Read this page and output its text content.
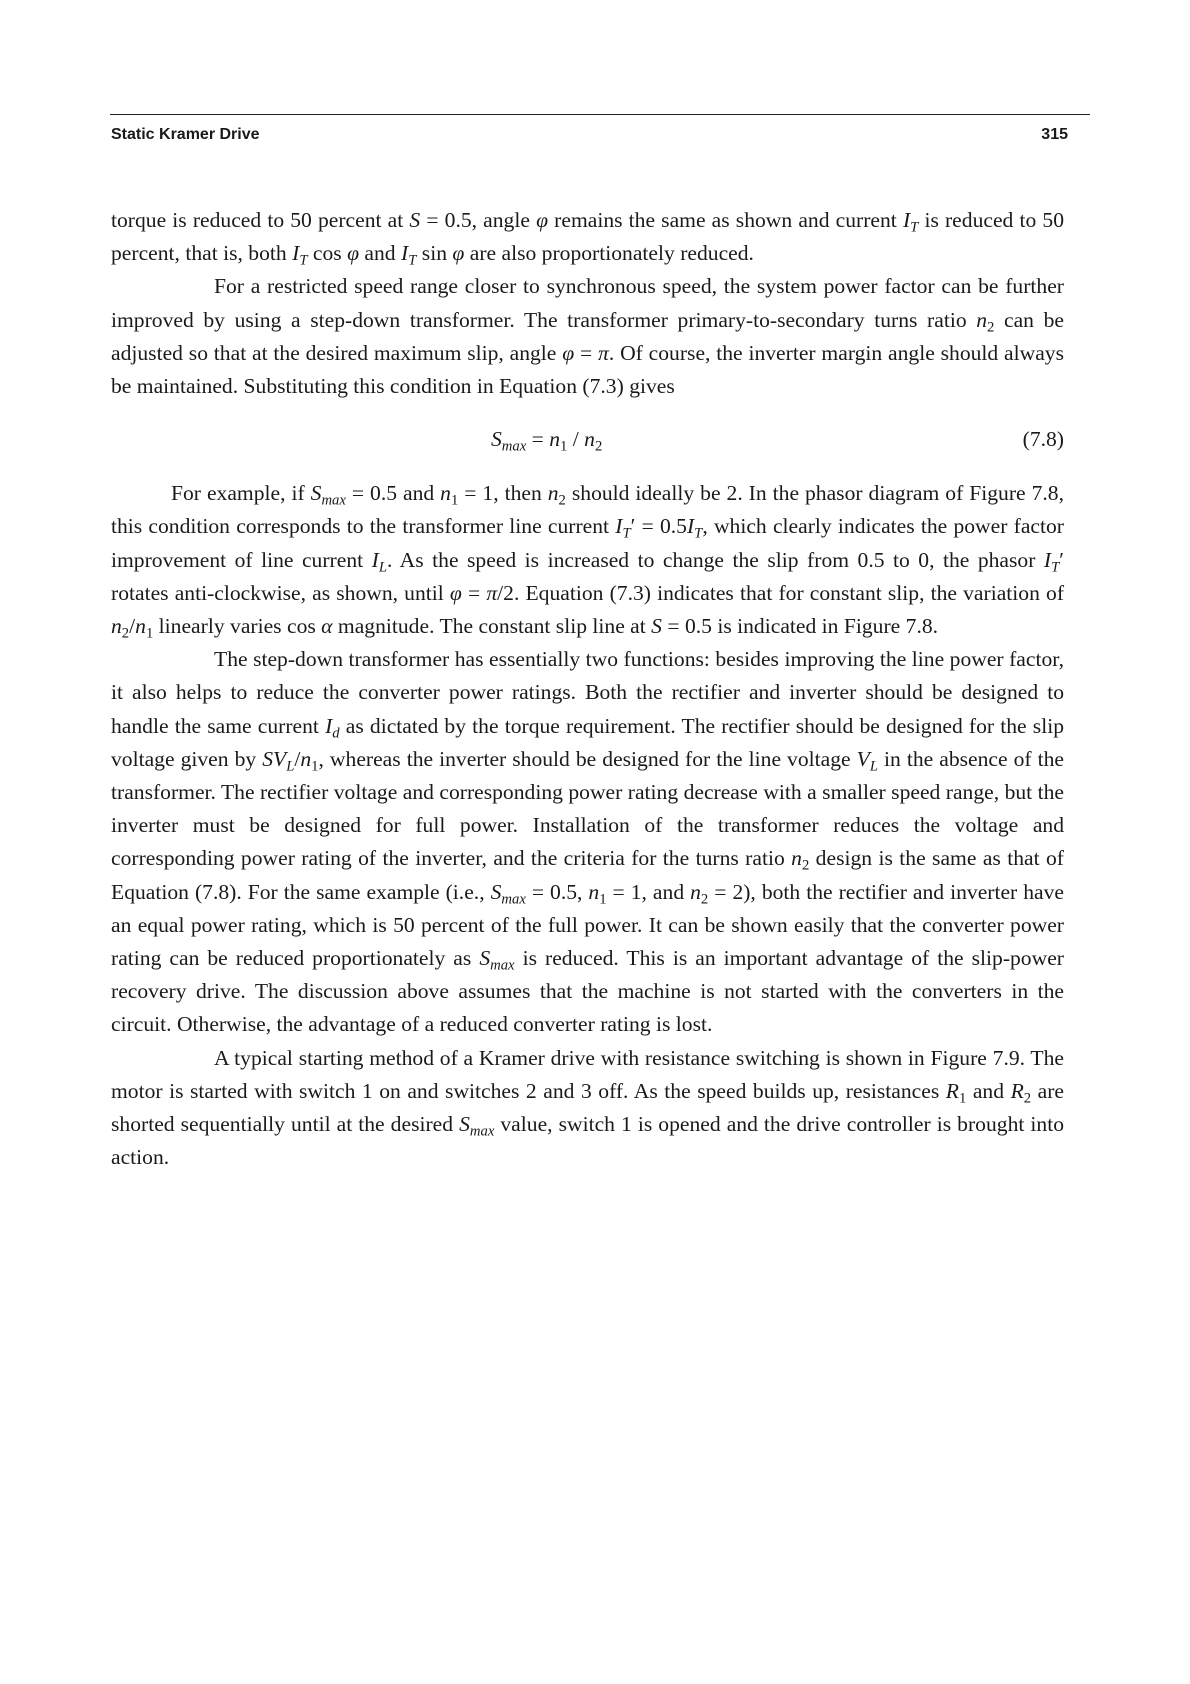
Static Kramer Drive	315

torque is reduced to 50 percent at S = 0.5, angle φ remains the same as shown and current $I_T$ is reduced to 50 percent, that is, both $I_T$ cos φ and $I_T$ sin φ are also proportionately reduced.

For a restricted speed range closer to synchronous speed, the system power factor can be further improved by using a step-down transformer. The transformer primary-to-secondary turns ratio $n_2$ can be adjusted so that at the desired maximum slip, angle φ = π. Of course, the inverter margin angle should always be maintained. Substituting this condition in Equation (7.3) gives

$S_{max} = n_1 / n_2$	(7.8)

For example, if $S_{max} = 0.5$ and $n_1 = 1$, then $n_2$ should ideally be 2. In the phasor diagram of Figure 7.8, this condition corresponds to the transformer line current $I_T' = 0.5I_T$, which clearly indicates the power factor improvement of line current $I_L$. As the speed is increased to change the slip from 0.5 to 0, the phasor $I_T'$ rotates anti-clockwise, as shown, until φ = π/2. Equation (7.3) indicates that for constant slip, the variation of $n_2/n_1$ linearly varies cos α magnitude. The constant slip line at S = 0.5 is indicated in Figure 7.8.

The step-down transformer has essentially two functions: besides improving the line power factor, it also helps to reduce the converter power ratings. Both the rectifier and inverter should be designed to handle the same current $I_d$ as dictated by the torque requirement. The rectifier should be designed for the slip voltage given by $SV_L/n_1$, whereas the inverter should be designed for the line voltage $V_L$ in the absence of the transformer. The rectifier voltage and corresponding power rating decrease with a smaller speed range, but the inverter must be designed for full power. Installation of the transformer reduces the voltage and corresponding power rating of the inverter, and the criteria for the turns ratio $n_2$ design is the same as that of Equation (7.8). For the same example (i.e., $S_{max} = 0.5$, $n_1 = 1$, and $n_2 = 2$), both the rectifier and inverter have an equal power rating, which is 50 percent of the full power. It can be shown easily that the converter power rating can be reduced proportionately as $S_{max}$ is reduced. This is an important advantage of the slip-power recovery drive. The discussion above assumes that the machine is not started with the converters in the circuit. Otherwise, the advantage of a reduced converter rating is lost.

A typical starting method of a Kramer drive with resistance switching is shown in Figure 7.9. The motor is started with switch 1 on and switches 2 and 3 off. As the speed builds up, resistances $R_1$ and $R_2$ are shorted sequentially until at the desired $S_{max}$ value, switch 1 is opened and the drive controller is brought into action.
